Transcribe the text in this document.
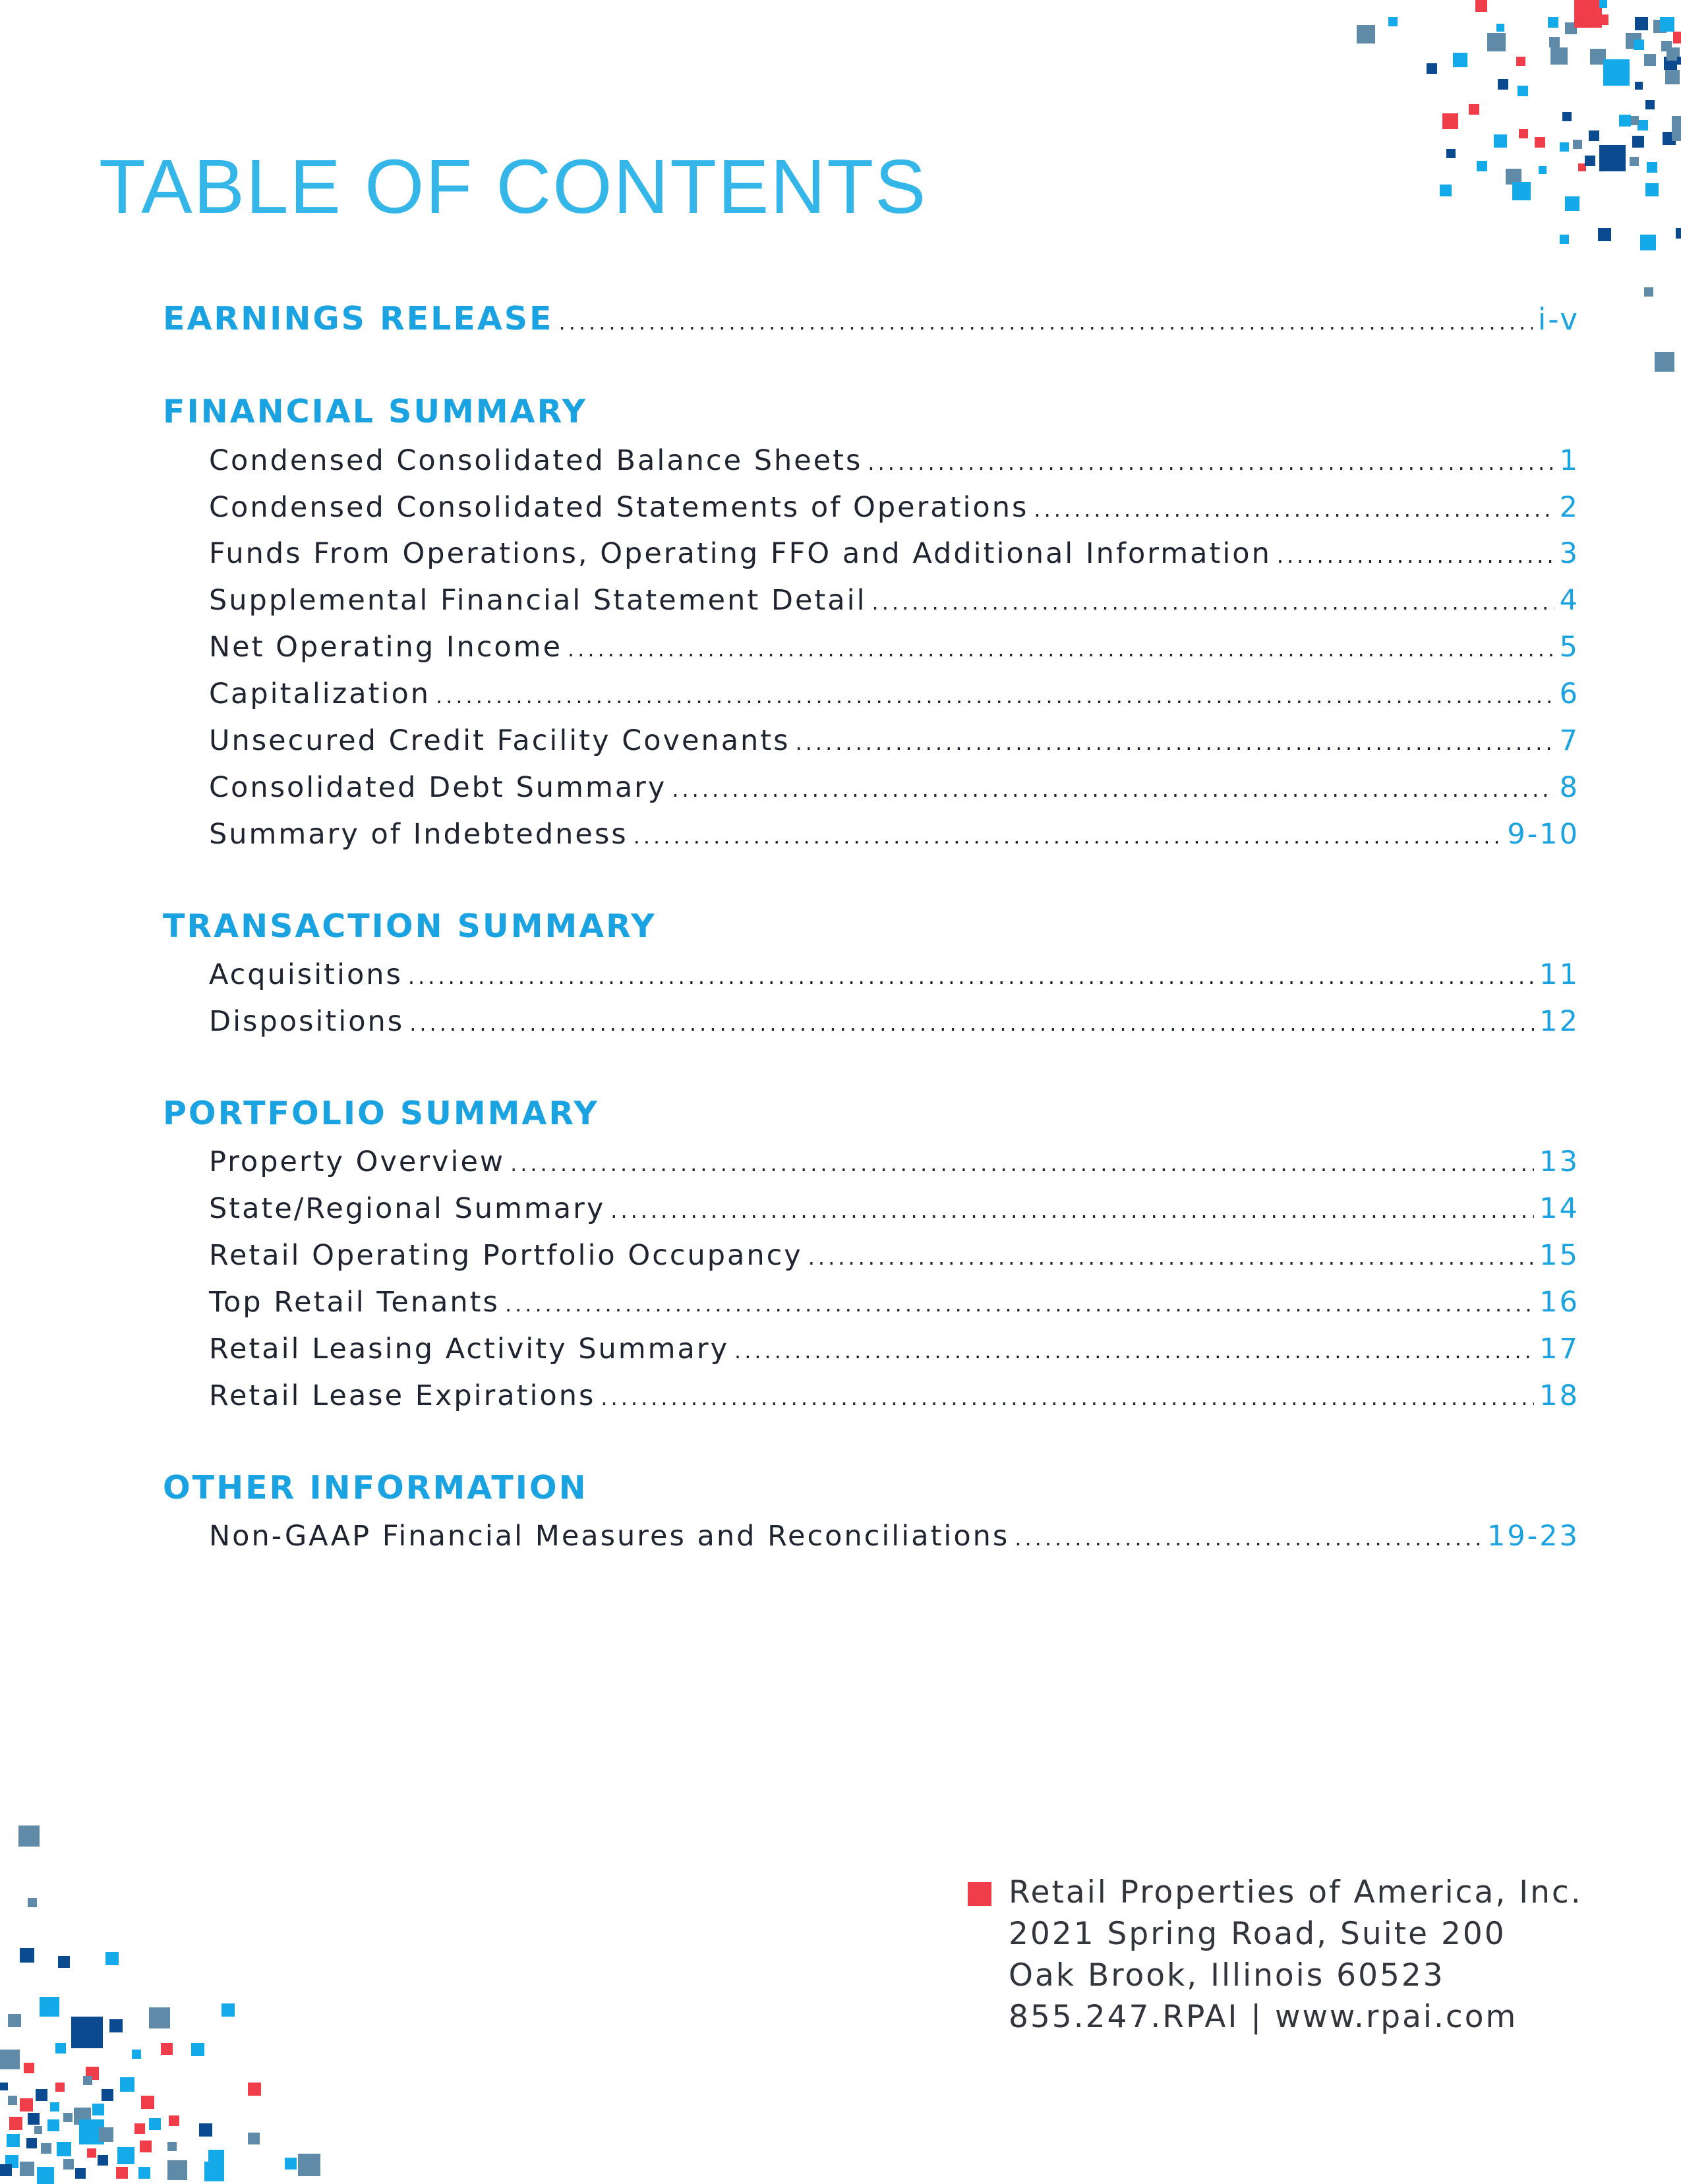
TABLE OF CONTENTS
EARNINGS RELEASE .....	i-v
FINANCIAL SUMMARY
Condensed Consolidated Balance Sheets .....	1
Condensed Consolidated Statements of Operations .....	2
Funds From Operations, Operating FFO and Additional Information .....	3
Supplemental Financial Statement Detail .....	4
Net Operating Income .....	5
Capitalization .....	6
Unsecured Credit Facility Covenants .....	7
Consolidated Debt Summary .....	8
Summary of Indebtedness .....	9-10
TRANSACTION SUMMARY
Acquisitions .....	11
Dispositions .....	12
PORTFOLIO SUMMARY
Property Overview .....	13
State/Regional Summary .....	14
Retail Operating Portfolio Occupancy .....	15
Top Retail Tenants .....	16
Retail Leasing Activity Summary .....	17
Retail Lease Expirations .....	18
OTHER INFORMATION
Non-GAAP Financial Measures and Reconciliations .....	19-23
Retail Properties of America, Inc.
2021 Spring Road, Suite 200
Oak Brook, Illinois 60523
855.247.RPAI | www.rpai.com
